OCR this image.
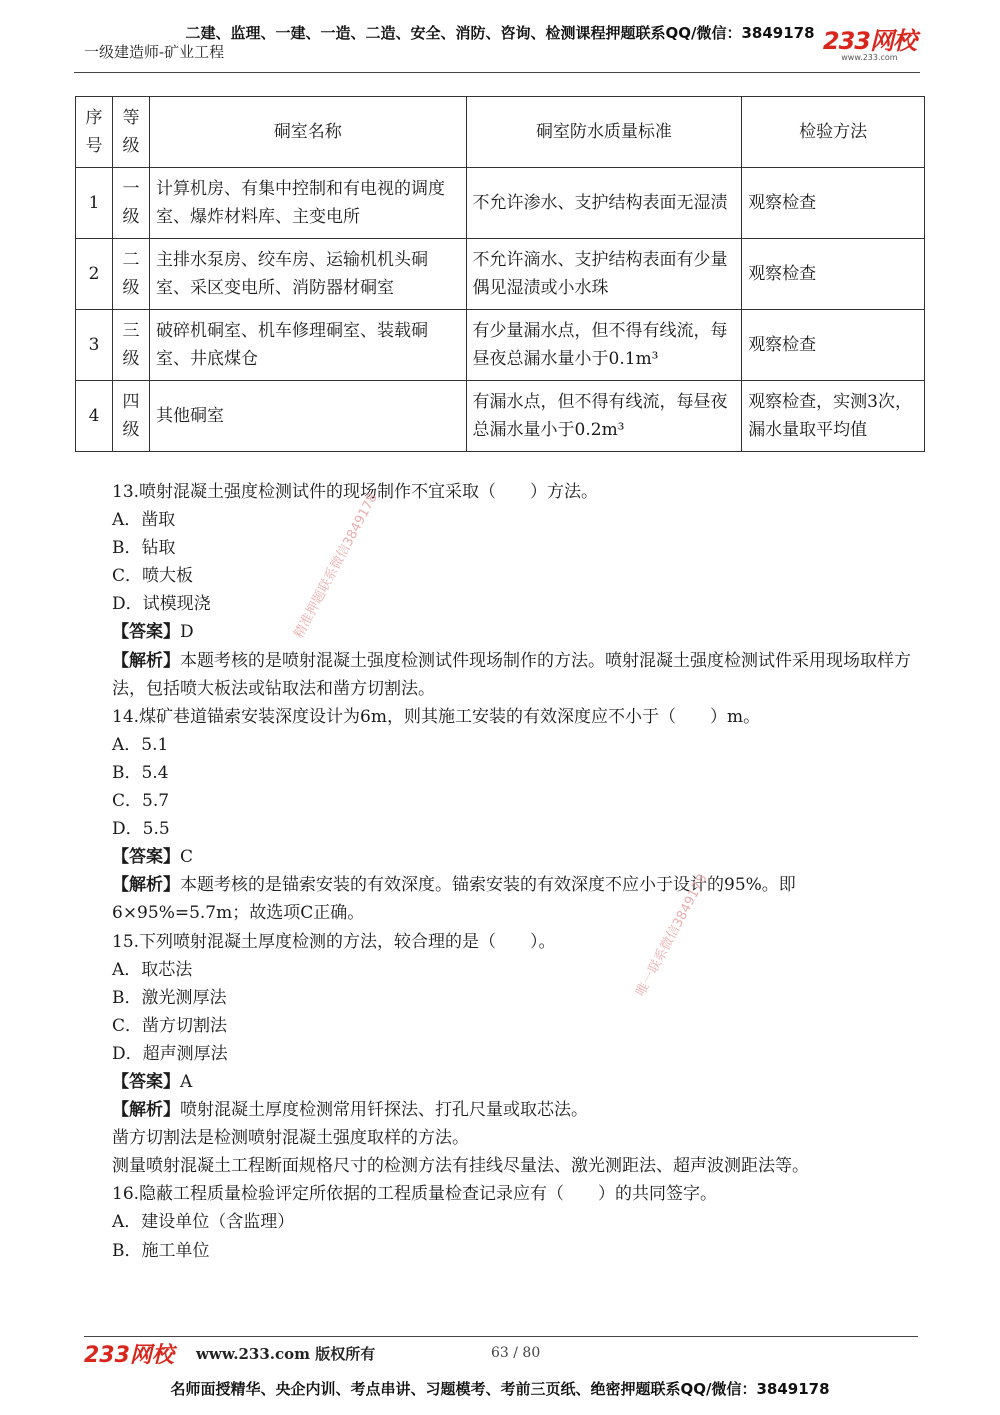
二建、监理、一建、一造、二造、安全、消防、咨询、检测课程押题联系QQ/微信：3849178
一级建造师-矿业工程	233网校
www.233.com
序号	等级	硐室名称	硐室防水质量标准	检验方法
1	一级	计算机房、有集中控制和有电视的调度室、爆炸材料库、主变电所	不允许渗水、支护结构表面无湿渍	观察检查
2	二级	主排水泵房、绞车房、运输机机头硐室、采区变电所、消防器材硐室	不允许滴水、支护结构表面有少量偶见湿渍或小水珠	观察检查
3	三级	破碎机硐室、机车修理硐室、装载硐室、井底煤仓	有少量漏水点，但不得有线流，每昼夜总漏水量小于0.1m³	观察检查
4	四级	其他硐室	有漏水点，但不得有线流，每昼夜总漏水量小于0.2m³	观察检查，实测3次，漏水量取平均值

13.喷射混凝土强度检测试件的现场制作不宜采取（　　）方法。

A．凿取

B．钻取

C．喷大板

D．试模现浇

【答案】D

【解析】本题考核的是喷射混凝土强度检测试件现场制作的方法。喷射混凝土强度检测试件采用现场取样方法，包括喷大板法或钻取法和凿方切割法。

14.煤矿巷道锚索安装深度设计为6m，则其施工安装的有效深度应不小于（　　）m。

A．5.1

B．5.4

C．5.7

D．5.5

【答案】C

【解析】本题考核的是锚索安装的有效深度。锚索安装的有效深度不应小于设计的95%。即6×95%=5.7m；故选项C正确。

15.下列喷射混凝土厚度检测的方法，较合理的是（　　）。

A．取芯法

B．激光测厚法

C．凿方切割法

D．超声测厚法

【答案】A

【解析】喷射混凝土厚度检测常用钎探法、打孔尺量或取芯法。

凿方切割法是检测喷射混凝土强度取样的方法。

测量喷射混凝土工程断面规格尺寸的检测方法有挂线尽量法、激光测距法、超声波测距法等。

16.隐蔽工程质量检验评定所依据的工程质量检查记录应有（　　）的共同签字。

A．建设单位（含监理）

B．施工单位

精准押题联系微信3849178
唯一联系微信3849178
233网校 www.233.com 版权所有	63 / 80
名师面授精华、央企内训、考点串讲、习题模考、考前三页纸、绝密押题联系QQ/微信：3849178
